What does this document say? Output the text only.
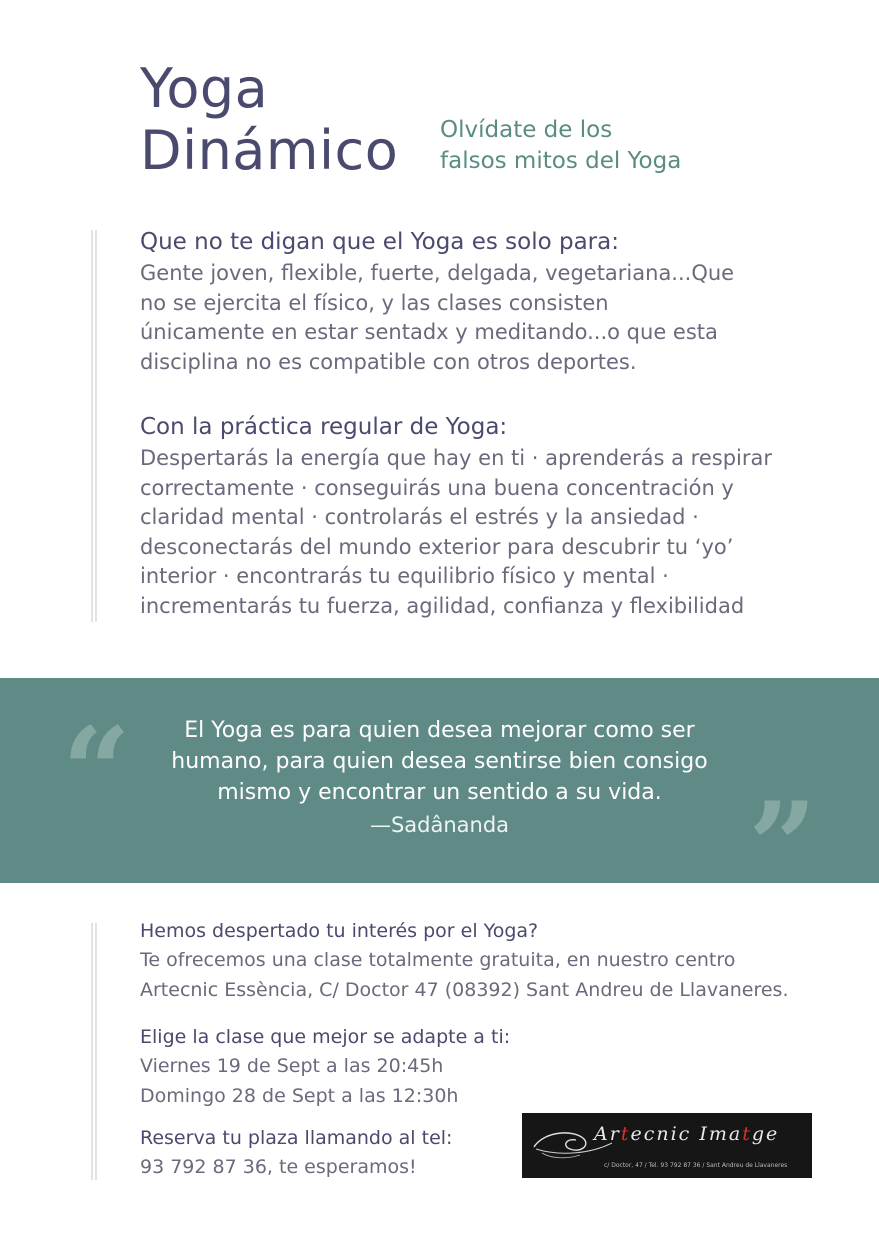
Yoga
Dinámico Olvídate de los
falsos mitos del Yoga
Que no te digan que el Yoga es solo para:
Gente joven, flexible, fuerte, delgada, vegetariana...Que
no se ejercita el físico, y las clases consisten
únicamente en estar sentadx y meditando...o que esta
disciplina no es compatible con otros deportes.
Con la práctica regular de Yoga:
Despertarás la energía que hay en ti · aprenderás a respirar
correctamente · conseguirás una buena concentración y
claridad mental · controlarás el estrés y la ansiedad ·
desconectarás del mundo exterior para descubrir tu ‘yo’
interior · encontrarás tu equilibrio físico y mental ·
incrementarás tu fuerza, agilidad, confianza y flexibilidad
“
”
El Yoga es para quien desea mejorar como ser
humano, para quien desea sentirse bien consigo
mismo y encontrar un sentido a su vida.
—Sadânanda
Hemos despertado tu interés por el Yoga?
Te ofrecemos una clase totalmente gratuita, en nuestro centro
Artecnic Essència, C/ Doctor 47 (08392) Sant Andreu de Llavaneres.
Elige la clase que mejor se adapte a ti:
Viernes 19 de Sept a las 20:45h
Domingo 28 de Sept a las 12:30h
Reserva tu plaza llamando al tel:
93 792 87 36, te esperamos!
Artecnic Imatge
c/ Doctor, 47 / Tel. 93 792 87 36 / Sant Andreu de Llavaneres
